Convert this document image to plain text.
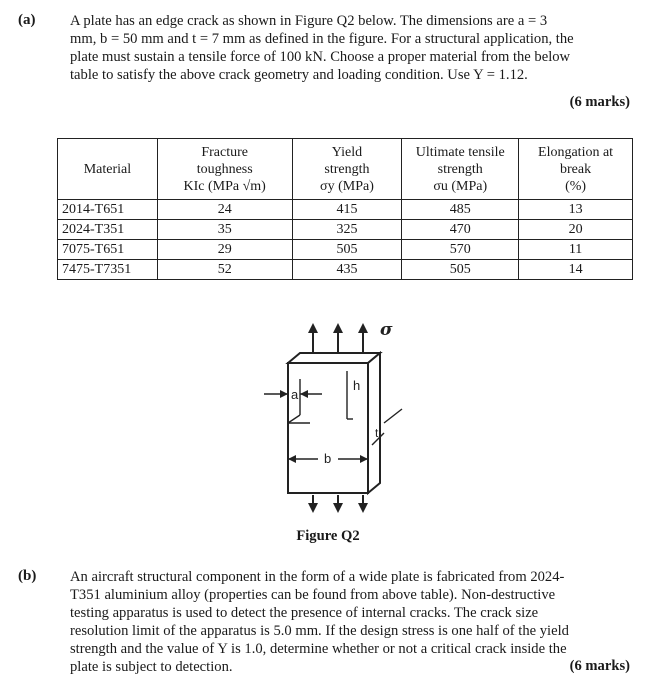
(a) A plate has an edge crack as shown in Figure Q2 below. The dimensions are a = 3
mm, b = 50 mm and t = 7 mm as defined in the figure. For a structural application, the
plate must sustain a tensile force of 100 kN. Choose a proper material from the below
table to satisfy the above crack geometry and loading condition. Use Y = 1.12.
(6 marks)
Material	Fracture
toughness
KIc (MPa √m)	Yield
strength
σy (MPa)	Ultimate tensile
strength
σu (MPa)	Elongation at
break
(%)

2014-T651	24	415	485	13
2024-T351	35	325	470	20
7075-T651	29	505	570	11
7475-T7351	52	435	505	14
σ
a
h
b
t
Figure Q2
(b) An aircraft structural component in the form of a wide plate is fabricated from 2024-
T351 aluminium alloy (properties can be found from above table). Non-destructive
testing apparatus is used to detect the presence of internal cracks. The crack size
resolution limit of the apparatus is 5.0 mm. If the design stress is one half of the yield
strength and the value of Y is 1.0, determine whether or not a critical crack inside the
plate is subject to detection.	(6 marks)
